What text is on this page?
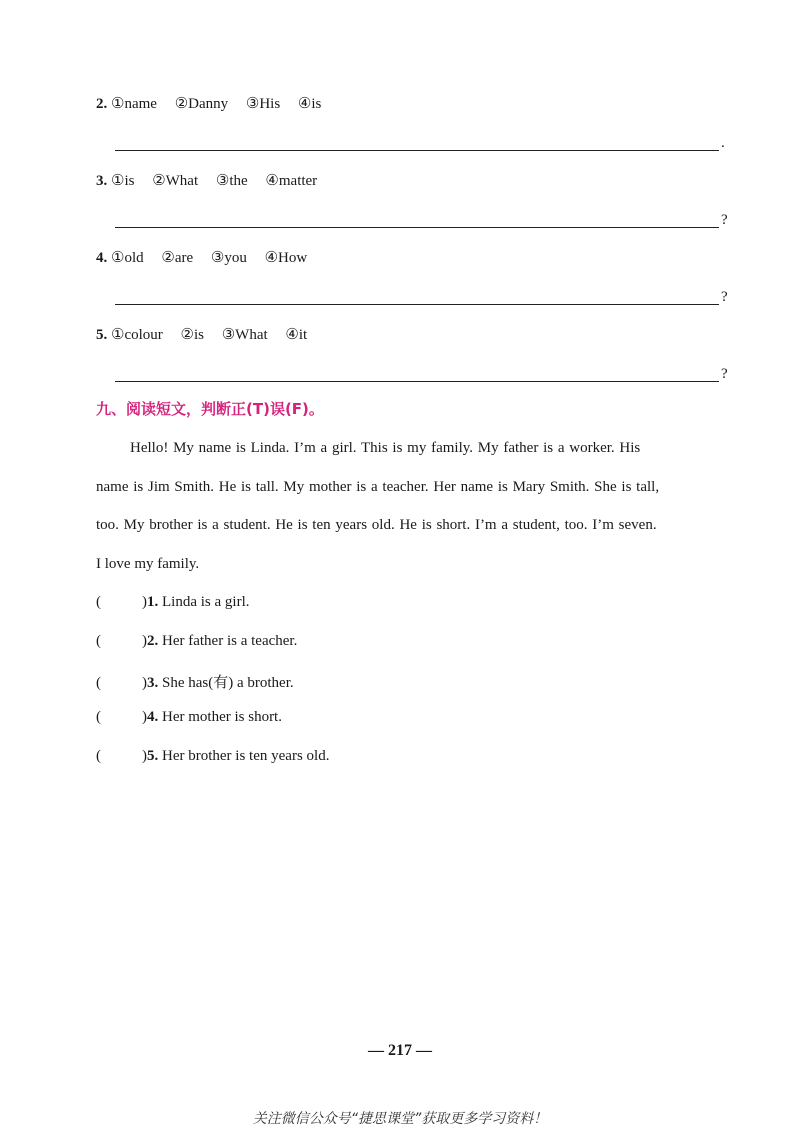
2. ①name ②Danny ③His ④is
.
3. ①is ②What ③the ④matter
?
4. ①old ②are ③you ④How
?
5. ①colour ②is ③What ④it
?
九、阅读短文，判断正(T)误(F)。
Hello! My name is Linda. I’m a girl. This is my family. My father is a worker. His
name is Jim Smith. He is tall. My mother is a teacher. Her name is Mary Smith. She is tall,
too. My brother is a student. He is ten years old. He is short. I’m a student, too. I’m seven.
I love my family.
(	)1. Linda is a girl.
(	)2. Her father is a teacher.
(	)3. She has(有) a brother.
(	)4. Her mother is short.
(	)5. Her brother is ten years old.
— 217 —
关注微信公众号“捷思课堂”获取更多学习资料！
